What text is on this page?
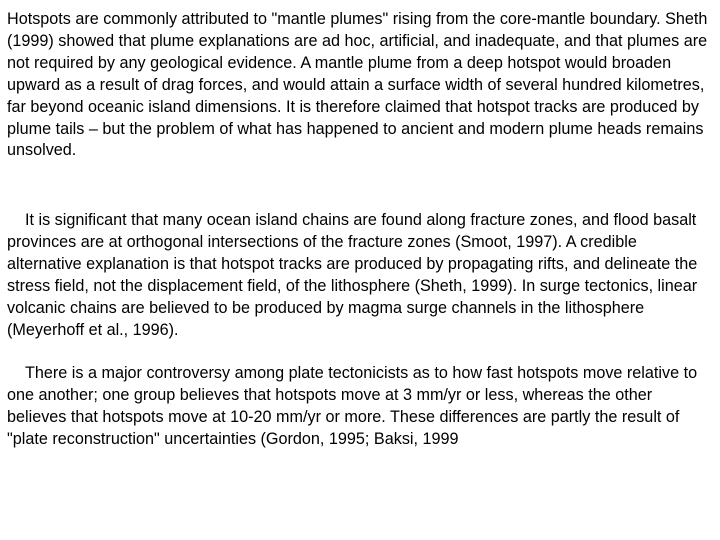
Hotspots are commonly attributed to "mantle plumes" rising from the core-mantle boundary. Sheth (1999) showed that plume explanations are ad hoc, artificial, and inadequate, and that plumes are not required by any geological evidence. A mantle plume from a deep hotspot would broaden upward as a result of drag forces, and would attain a surface width of several hundred kilometres, far beyond oceanic island dimensions. It is therefore claimed that hotspot tracks are produced by plume tails – but the problem of what has happened to ancient and modern plume heads remains unsolved.

It is significant that many ocean island chains are found along fracture zones, and flood basalt provinces are at orthogonal intersections of the fracture zones (Smoot, 1997). A credible alternative explanation is that hotspot tracks are produced by propagating rifts, and delineate the stress field, not the displacement field, of the lithosphere (Sheth, 1999). In surge tectonics, linear volcanic chains are believed to be produced by magma surge channels in the lithosphere (Meyerhoff et al., 1996).

There is a major controversy among plate tectonicists as to how fast hotspots move relative to one another; one group believes that hotspots move at 3 mm/yr or less, whereas the other believes that hotspots move at 10-20 mm/yr or more. These differences are partly the result of "plate reconstruction" uncertainties (Gordon, 1995; Baksi, 1999
